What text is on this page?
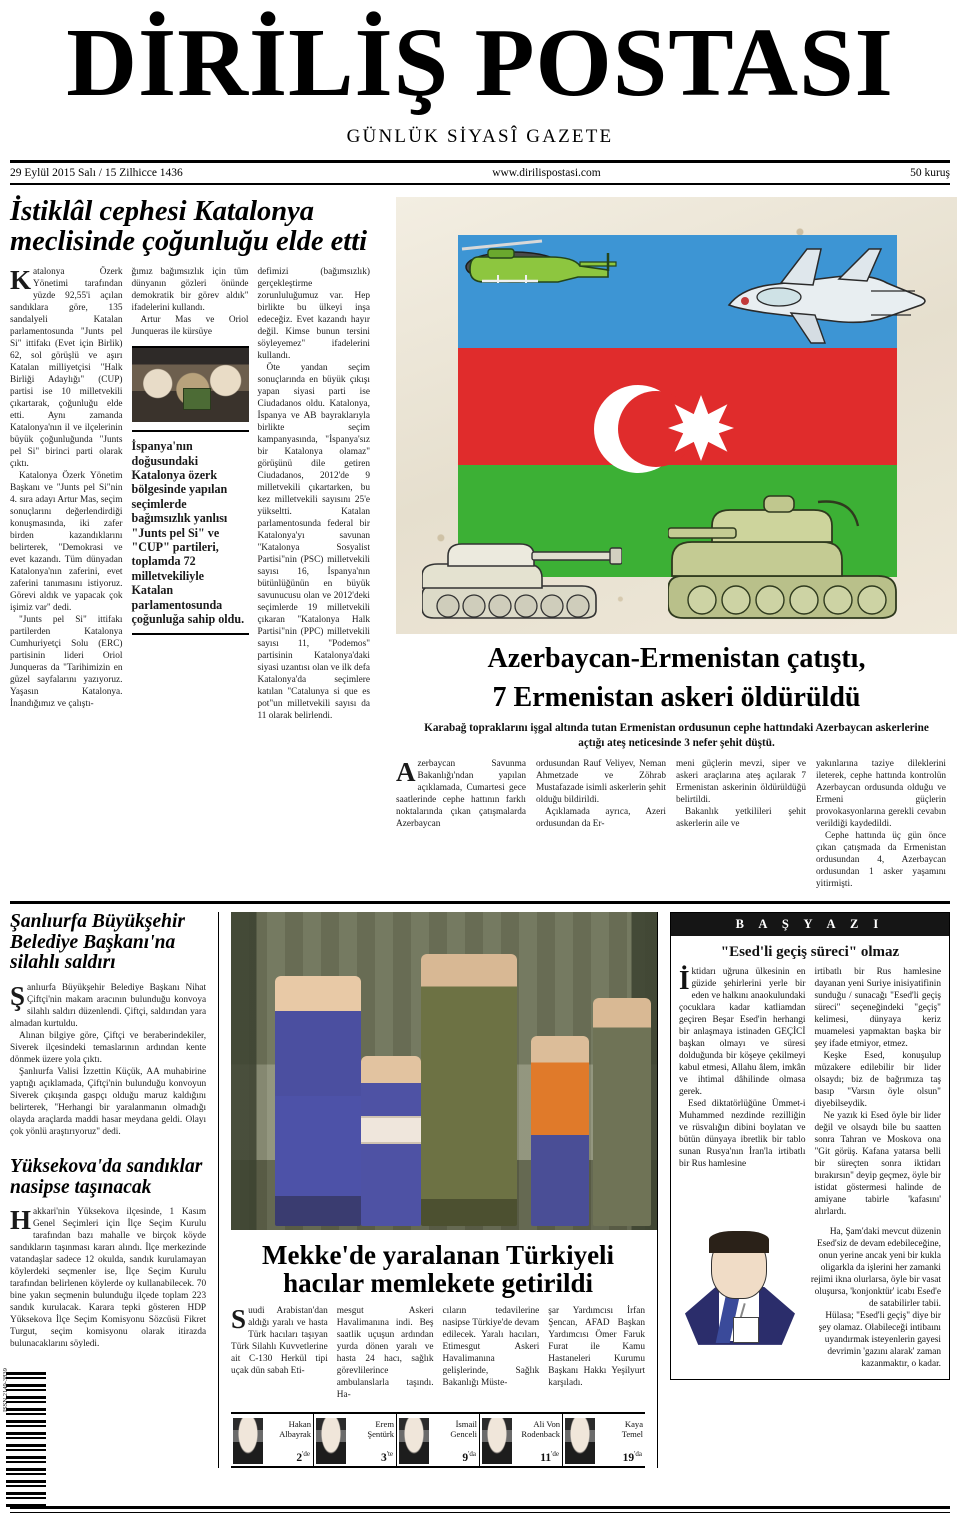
DİRİLİŞ POSTASI
GÜNLÜK SİYASÎ GAZETE
29 Eylül 2015 Salı / 15 Zilhicce 1436	www.dirilispostasi.com	50 kuruş
İstiklâl cephesi Katalonya meclisinde çoğunluğu elde etti

Katalonya Özerk Yönetimi tarafından yüzde 92,55'i açılan sandıklara göre, 135 sandalyeli Katalan parlamentosunda "Junts pel Si" ittifakı (Evet için Birlik) 62, sol görüşlü ve aşırı Katalan milliyetçisi "Halk Birliği Adaylığı" (CUP) partisi ise 10 milletvekili çıkartarak, çoğunluğu elde etti. Aynı zamanda Katalonya'nın il ve ilçelerinin büyük çoğunluğunda "Junts pel Si" birinci parti olarak çıktı.

Katalonya Özerk Yönetim Başkanı ve "Junts pel Si"nin 4. sıra adayı Artur Mas, seçim sonuçlarını değerlendirdiği konuşmasında, iki zafer birden kazandıklarını belirterek, "Demokrasi ve evet kazandı. Tüm dünyadan Katalonya'nın zaferini, evet zaferini tanımasını istiyoruz. Görevi aldık ve yapacak çok işimiz var" dedi.

"Junts pel Si" ittifakı partilerden Katalonya Cumhuriyetçi Solu (ERC) partisinin lideri Oriol Junqueras da "Tarihimizin en güzel sayfalarını yazıyoruz. Yaşasın Katalonya. İnandığımız ve çalıştı-

ğımız bağımsızlık için tüm dünyanın gözleri önünde demokratik bir görev aldık" ifadelerini kullandı.

Artur Mas ve Oriol Junqueras ile kürsüye

İspanya'nın doğusundaki Katalonya özerk bölgesinde yapılan seçimlerde bağımsızlık yanlısı "Junts pel Si" ve "CUP" partileri, toplamda 72 milletvekiliyle Katalan parlamentosunda çoğunluğa sahip oldu.

defimizi (bağımsızlık) gerçekleştirme zorunluluğumuz var. Hep birlikte bu ülkeyi inşa edeceğiz. Evet kazandı hayır değil. Kimse bunun tersini söyleyemez" ifadelerini kullandı.

Öte yandan seçim sonuçlarında en büyük çıkışı yapan siyasi parti ise Ciudadanos oldu. Katalonya, İspanya ve AB bayraklarıyla birlikte seçim kampanyasında, "İspanya'sız bir Katalonya olamaz" görüşünü dile getiren Ciudadanos, 2012'de 9 milletvekili çıkartarken, bu kez milletvekili sayısını 25'e yükseltti. Katalan parlamentosunda federal bir Katalonya'yı savunan "Katalonya Sosyalist Partisi"nin (PSC) milletvekili sayısı 16, İspanya'nın bütünlüğünün en büyük savunucusu olan ve 2012'deki seçimlerde 19 milletvekili çıkaran "Katalonya Halk Partisi"nin (PPC) milletvekili sayısı 11, "Podemos" partisinin Katalonya'daki siyasi uzantısı olan ve ilk defa Katalonya'da seçimlere katılan "Catalunya si que es pot"un milletvekili sayısı da 11 olarak belirlendi.

Azerbaycan-Ermenistan çatıştı,
7 Ermenistan askeri öldürüldü
Karabağ topraklarını işgal altında tutan Ermenistan ordusunun cephe hattındaki Azerbaycan askerlerine açtığı ateş neticesinde 3 nefer şehit düştü.

Azerbaycan Savunma Bakanlığı'ndan yapılan açıklamada, Cumartesi gece saatlerinde cephe hattının farklı noktalarında çıkan çatışmalarda Azerbaycan

ordusundan Rauf Veliyev, Neman Ahmetzade ve Zöhrab Mustafazade isimli askerlerin şehit olduğu bildirildi.

Açıklamada ayrıca, Azeri ordusundan da Er-

meni güçlerin mevzi, siper ve askeri araçlarına ateş açılarak 7 Ermenistan askerinin öldürüldüğü belirtildi.

Bakanlık yetkilileri şehit askerlerin aile ve

yakınlarına taziye dileklerini ileterek, cephe hattında kontrolün Azerbaycan ordusunda olduğu ve Ermeni güçlerin provokasyonlarına gerekli cevabın verildiği kaydedildi.

Cephe hattında üç gün önce çıkan çatışmada da Ermenistan ordusundan 4, Azerbaycan ordusundan 1 asker yaşamını yitirmişti.

Şanlıurfa Büyükşehir Belediye Başkanı'na silahlı saldırı

Şanlıurfa Büyükşehir Belediye Başkanı Nihat Çiftçi'nin makam aracının bulunduğu konvoya silahlı saldırı düzenlendi. Çiftçi, saldırıdan yara almadan kurtuldu.

Alınan bilgiye göre, Çiftçi ve beraberindekiler, Siverek ilçesindeki temaslarının ardından kente dönmek üzere yola çıktı.

Şanlıurfa Valisi İzzettin Küçük, AA muhabirine yaptığı açıklamada, Çiftçi'nin bulunduğu konvoyun Siverek çıkışında gaspçı olduğu maruz kaldığını belirterek, "Herhangi bir yaralanmanın olmadığı olayda araçlarda maddi hasar meydana geldi. Olayı çok yönlü araştırıyoruz" dedi.

Yüksekova'da sandıklar nasipse taşınacak

Hakkari'nin Yüksekova ilçesinde, 1 Kasım Genel Seçimleri için İlçe Seçim Kurulu tarafından bazı mahalle ve birçok köyde sandıkların taşınması kararı alındı. İlçe merkezinde vatandaşlar sadece 12 okulda, sandık kurulamayan köylerdeki seçmenler ise, İlçe Seçim Kurulu tarafından belirlenen köylerde oy kullanabilecek. 70 bine yakın seçmenin bulunduğu ilçede toplam 223 sandık kurulacak. Karara tepki gösteren HDP Yüksekova İlçe Seçim Komisyonu Sözcüsü Fikret Turgut, seçim komisyonu olarak itirazda bulunacaklarını söyledi.

Mekke'de yaralanan Türkiyeli hacılar memlekete getirildi

Suudi Arabistan'dan aldığı yaralı ve hasta Türk hacıları taşıyan Türk Silahlı Kuvvetlerine ait C-130 Herkül tipi uçak dün sabah Eti-

mesgut Askeri Havalimanına indi. Beş saatlik uçuşun ardından yurda dönen yaralı ve hasta 24 hacı, sağlık görevlilerince ambulanslarla taşındı. Ha-

cıların tedavilerine nasipse Türkiye'de devam edilecek. Yaralı hacıları, Etimesgut Askeri Havalimanına gelişlerinde, Sağlık Bakanlığı Müste-

şar Yardımcısı İrfan Şencan, AFAD Başkan Yardımcısı Ömer Faruk Furat ile Kamu Hastaneleri Kurumu Başkanı Hakkı Yeşilyurt karşıladı.

Hakan
Albayrak
$2^{'de}$
Erem
Şentürk
$3^{'te}$
İsmail
Genceli
$9^{'da}$
Ali Von
Rodenback
$11^{'de}$
Kaya
Temel
$19^{'da}$
B A Ş Y A Z I
"Esed'li geçiş süreci" olmaz

İktidarı uğruna ülkesinin en güzide şehirlerini yerle bir eden ve halkını anaokulundaki çocuklara kadar katliamdan geçiren Beşar Esed'in herhangi bir anlaşmaya istinaden GEÇİCİ başkan olmayı ve süresi dolduğunda bir köşeye çekilmeyi kabul etmesi, Allahu âlem, imkân ve ihtimal dâhilinde olmasa gerek.

Esed diktatörlüğüne Ümmet-i Muhammed nezdinde rezilliğin ve rüsvalığın dibini boylatan ve bütün dünyaya ibretlik bir tablo sunan Rusya'nın İran'la irtibatlı bir Rus hamlesine

irtibatlı bir Rus hamlesine dayanan yeni Suriye inisiyatifinin sunduğu / sunacağı "Esed'li geçiş süreci" seçeneğindeki "geçiş" kelimesi, dünyaya keriz muamelesi yapmaktan başka bir şey ifade etmiyor, etmez.

Keşke Esed, konuşulup müzakere edilebilir bir lider olsaydı; biz de bağrımıza taş basıp "Varsın öyle olsun" diyebilseydik.

Ne yazık ki Esed öyle bir lider değil ve olsaydı bile bu saatten sonra Tahran ve Moskova ona "Git görüş. Kafana yatarsa belli bir süreçten sonra iktidarı bırakırsın" deyip geçmez, öyle bir istidat göstermesi halinde de amiyane tabirle 'kafasını' alırlardı.

Ha, Şam'daki mevcut düzenin Esed'siz de devam edebileceğine, onun yerine ancak yeni bir kukla oligarkla da işlerini her zamanki rejimi ikna olurlarsa, öyle bir vasat oluşursa, 'konjonktür' icabı Esed'e de satabilirler tabii.

Hülasa; "Esed'li geçiş" diye bir şey olamaz. Olabileceği intibaını uyandırmak isteyenlerin gayesi devrimin 'gazını alarak' zaman kazanmaktır, o kadar.

ISSN 2149-3839
